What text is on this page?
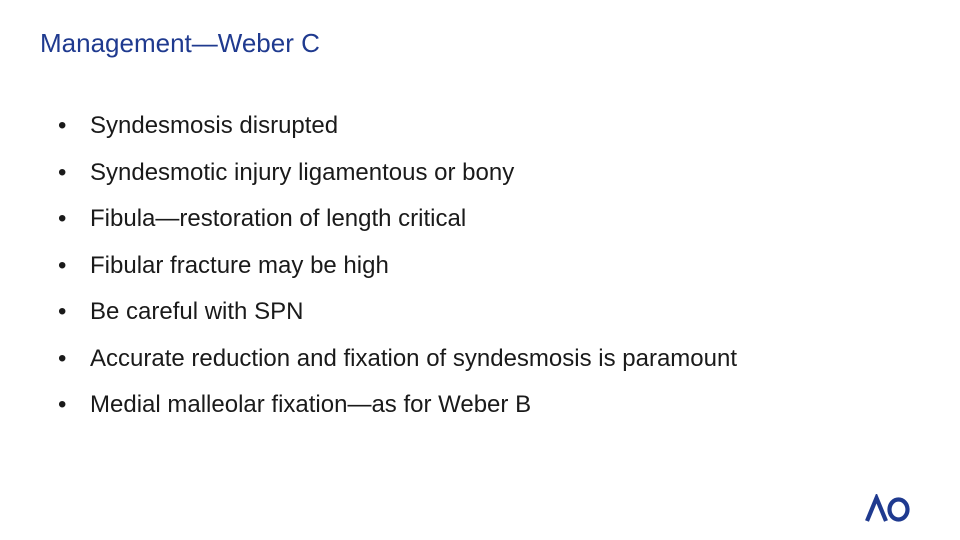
Management—Weber C
• Syndesmosis disrupted
• Syndesmotic injury ligamentous or bony
• Fibula—restoration of length critical
• Fibular fracture may be high
• Be careful with SPN
• Accurate reduction and fixation of syndesmosis is paramount
• Medial malleolar fixation—as for Weber B
